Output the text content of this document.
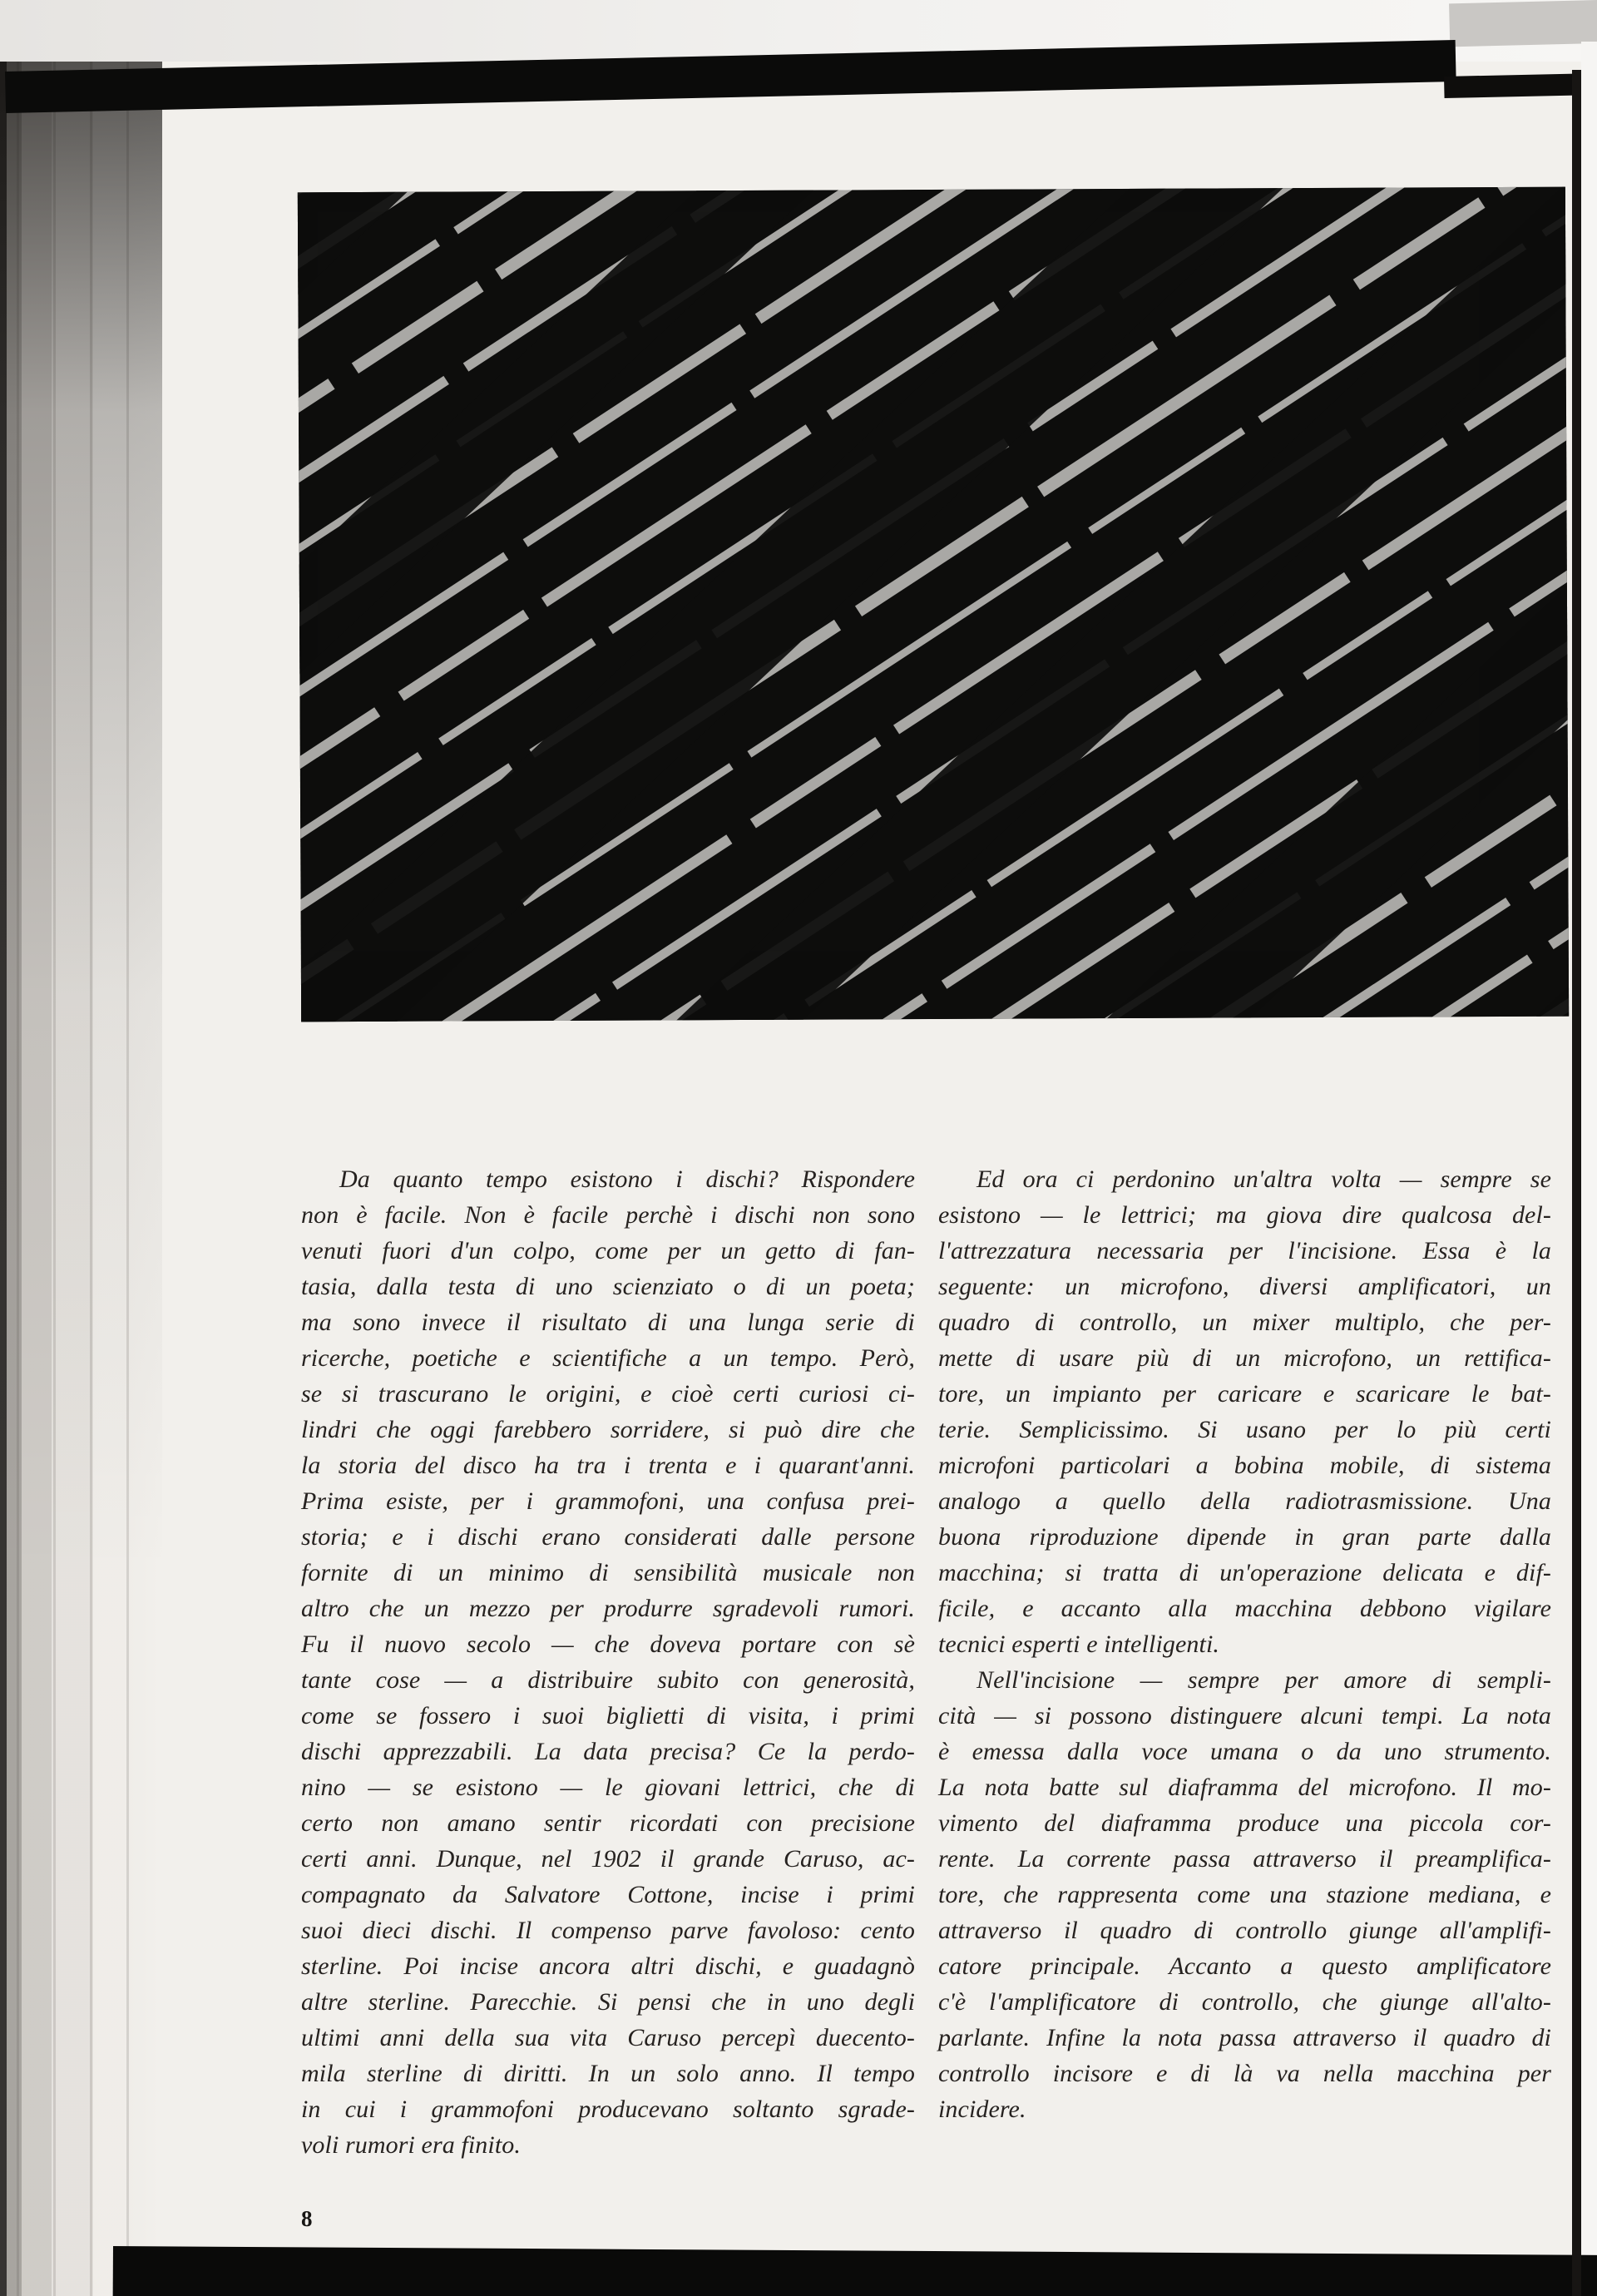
Da quanto tempo esistono i dischi? Rispondere
non è facile. Non è facile perchè i dischi non sono
venuti fuori d'un colpo, come per un getto di fan-
tasia, dalla testa di uno scienziato o di un poeta;
ma sono invece il risultato di una lunga serie di
ricerche, poetiche e scientifiche a un tempo. Però,
se si trascurano le origini, e cioè certi curiosi ci-
lindri che oggi farebbero sorridere, si può dire che
la storia del disco ha tra i trenta e i quarant'anni.
Prima esiste, per i grammofoni, una confusa prei-
storia; e i dischi erano considerati dalle persone
fornite di un minimo di sensibilità musicale non
altro che un mezzo per produrre sgradevoli rumori.
Fu il nuovo secolo — che doveva portare con sè
tante cose — a distribuire subito con generosità,
come se fossero i suoi biglietti di visita, i primi
dischi apprezzabili. La data precisa? Ce la perdo-
nino — se esistono — le giovani lettrici, che di
certo non amano sentir ricordati con precisione
certi anni. Dunque, nel 1902 il grande Caruso, ac-
compagnato da Salvatore Cottone, incise i primi
suoi dieci dischi. Il compenso parve favoloso: cento
sterline. Poi incise ancora altri dischi, e guadagnò
altre sterline. Parecchie. Si pensi che in uno degli
ultimi anni della sua vita Caruso percepì duecento-
mila sterline di diritti. In un solo anno. Il tempo
in cui i grammofoni producevano soltanto sgrade-
voli rumori era finito.
Ed ora ci perdonino un'altra volta — sempre se
esistono — le lettrici; ma giova dire qualcosa del-
l'attrezzatura necessaria per l'incisione. Essa è la
seguente: un microfono, diversi amplificatori, un
quadro di controllo, un mixer multiplo, che per-
mette di usare più di un microfono, un rettifica-
tore, un impianto per caricare e scaricare le bat-
terie. Semplicissimo. Si usano per lo più certi
microfoni particolari a bobina mobile, di sistema
analogo a quello della radiotrasmissione. Una
buona riproduzione dipende in gran parte dalla
macchina; si tratta di un'operazione delicata e dif-
ficile, e accanto alla macchina debbono vigilare
tecnici esperti e intelligenti.
Nell'incisione — sempre per amore di sempli-
cità — si possono distinguere alcuni tempi. La nota
è emessa dalla voce umana o da uno strumento.
La nota batte sul diaframma del microfono. Il mo-
vimento del diaframma produce una piccola cor-
rente. La corrente passa attraverso il preamplifica-
tore, che rappresenta come una stazione mediana, e
attraverso il quadro di controllo giunge all'amplifi-
catore principale. Accanto a questo amplificatore
c'è l'amplificatore di controllo, che giunge all'alto-
parlante. Infine la nota passa attraverso il quadro di
controllo incisore e di là va nella macchina per
incidere.
8
